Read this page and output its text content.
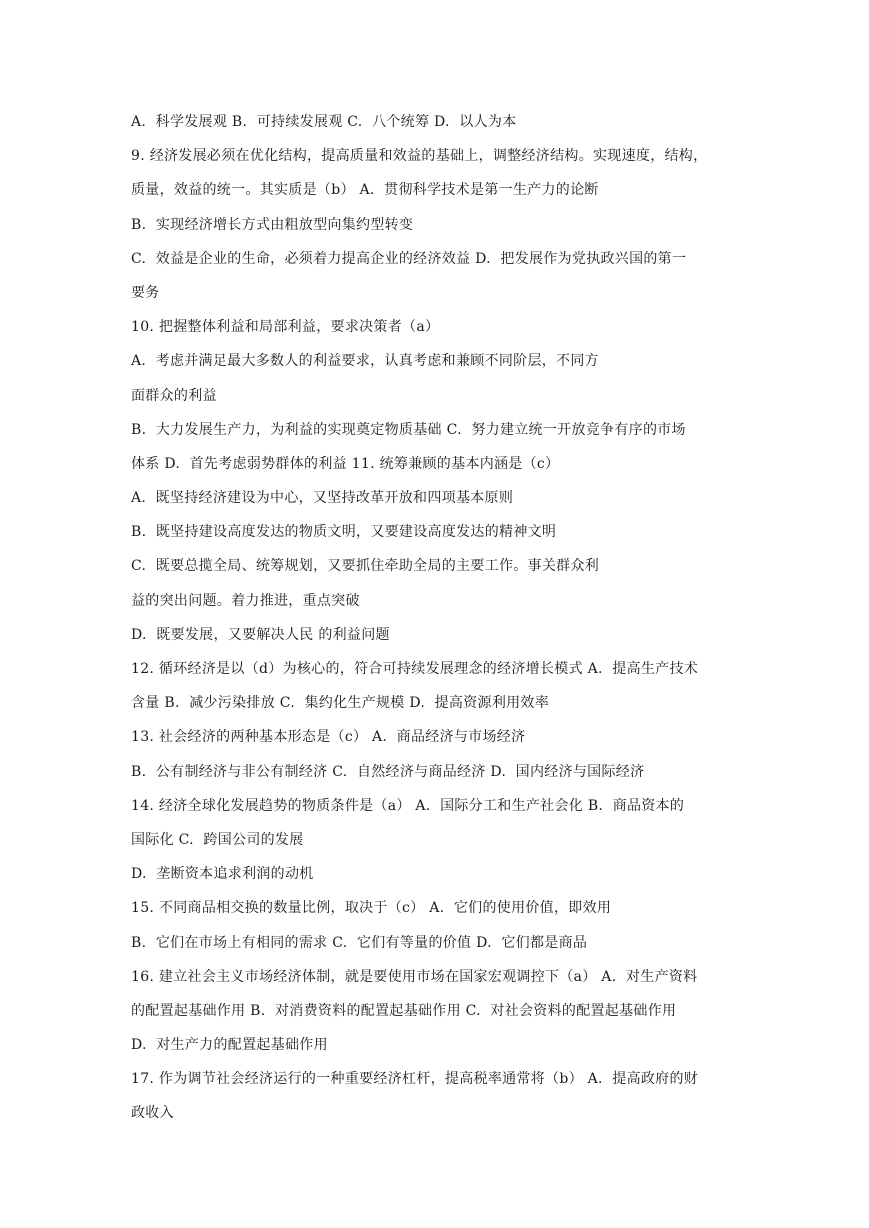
A.  科学发展观 B.  可持续发展观 C.  八个统筹 D.  以人为本
9. 经济发展必须在优化结构，提高质量和效益的基础上，调整经济结构。实现速度，结构，
质量，效益的统一。其实质是（b） A.  贯彻科学技术是第一生产力的论断
B.  实现经济增长方式由粗放型向集约型转变
C.  效益是企业的生命，必须着力提高企业的经济效益 D.  把发展作为党执政兴国的第一
要务
10. 把握整体利益和局部利益，要求决策者（a）
A.  考虑并满足最大多数人的利益要求，认真考虑和兼顾不同阶层，不同方
面群众的利益
B.  大力发展生产力，为利益的实现奠定物质基础 C.  努力建立统一开放竞争有序的市场
体系 D.  首先考虑弱势群体的利益 11. 统筹兼顾的基本内涵是（c）
A.  既坚持经济建设为中心，又坚持改革开放和四项基本原则
B.  既坚持建设高度发达的物质文明，又要建设高度发达的精神文明
C.  既要总揽全局、统筹规划，又要抓住牵助全局的主要工作。事关群众利
益的突出问题。着力推进，重点突破
D.  既要发展，又要解决人民 的利益问题
12. 循环经济是以（d）为核心的，符合可持续发展理念的经济增长模式 A.  提高生产技术
含量 B.  减少污染排放 C.  集约化生产规模 D.  提高资源利用效率
13. 社会经济的两种基本形态是（c） A.  商品经济与市场经济
B.  公有制经济与非公有制经济 C.  自然经济与商品经济 D.  国内经济与国际经济
14. 经济全球化发展趋势的物质条件是（a） A.  国际分工和生产社会化 B.  商品资本的
国际化 C.  跨国公司的发展
D.  垄断资本追求利润的动机
15. 不同商品相交换的数量比例，取决于（c） A.  它们的使用价值，即效用
B.  它们在市场上有相同的需求 C.  它们有等量的价值 D.  它们都是商品
16. 建立社会主义市场经济体制，就是要使用市场在国家宏观调控下（a） A.  对生产资料
的配置起基础作用 B.  对消费资料的配置起基础作用 C.  对社会资料的配置起基础作用
D.  对生产力的配置起基础作用
17. 作为调节社会经济运行的一种重要经济杠杆，提高税率通常将（b） A.  提高政府的财
政收入
